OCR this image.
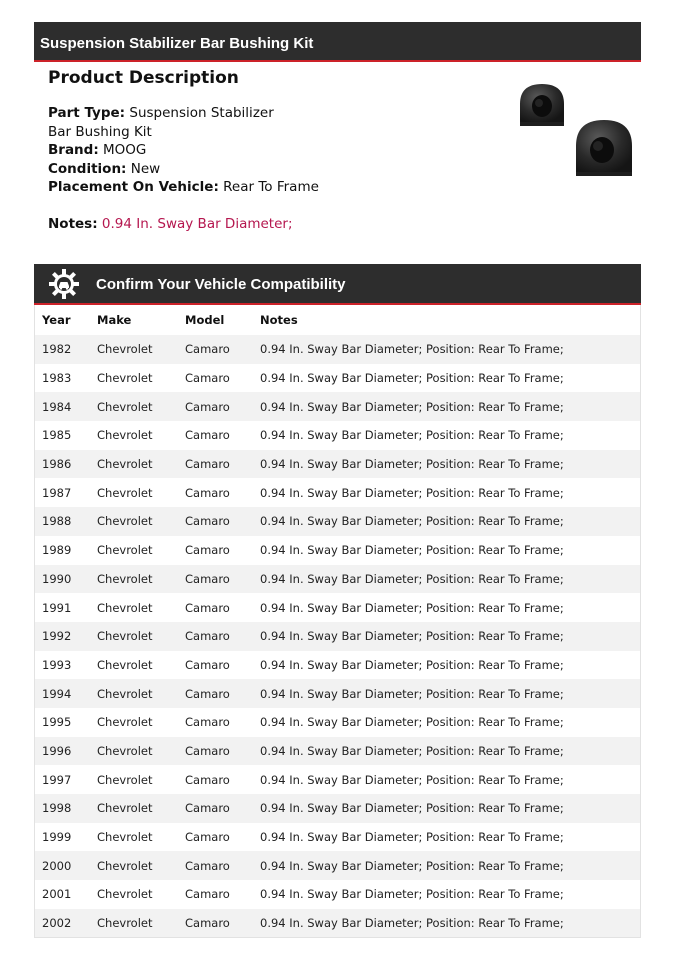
Suspension Stabilizer Bar Bushing Kit
Product Description
Part Type: Suspension Stabilizer Bar Bushing Kit
Brand: MOOG
Condition: New
Placement On Vehicle: Rear To Frame
Notes: 0.94 In. Sway Bar Diameter;
Confirm Your Vehicle Compatibility
Year	Make	Model	Notes
1982	Chevrolet	Camaro	0.94 In. Sway Bar Diameter; Position: Rear To Frame;
1983	Chevrolet	Camaro	0.94 In. Sway Bar Diameter; Position: Rear To Frame;
1984	Chevrolet	Camaro	0.94 In. Sway Bar Diameter; Position: Rear To Frame;
1985	Chevrolet	Camaro	0.94 In. Sway Bar Diameter; Position: Rear To Frame;
1986	Chevrolet	Camaro	0.94 In. Sway Bar Diameter; Position: Rear To Frame;
1987	Chevrolet	Camaro	0.94 In. Sway Bar Diameter; Position: Rear To Frame;
1988	Chevrolet	Camaro	0.94 In. Sway Bar Diameter; Position: Rear To Frame;
1989	Chevrolet	Camaro	0.94 In. Sway Bar Diameter; Position: Rear To Frame;
1990	Chevrolet	Camaro	0.94 In. Sway Bar Diameter; Position: Rear To Frame;
1991	Chevrolet	Camaro	0.94 In. Sway Bar Diameter; Position: Rear To Frame;
1992	Chevrolet	Camaro	0.94 In. Sway Bar Diameter; Position: Rear To Frame;
1993	Chevrolet	Camaro	0.94 In. Sway Bar Diameter; Position: Rear To Frame;
1994	Chevrolet	Camaro	0.94 In. Sway Bar Diameter; Position: Rear To Frame;
1995	Chevrolet	Camaro	0.94 In. Sway Bar Diameter; Position: Rear To Frame;
1996	Chevrolet	Camaro	0.94 In. Sway Bar Diameter; Position: Rear To Frame;
1997	Chevrolet	Camaro	0.94 In. Sway Bar Diameter; Position: Rear To Frame;
1998	Chevrolet	Camaro	0.94 In. Sway Bar Diameter; Position: Rear To Frame;
1999	Chevrolet	Camaro	0.94 In. Sway Bar Diameter; Position: Rear To Frame;
2000	Chevrolet	Camaro	0.94 In. Sway Bar Diameter; Position: Rear To Frame;
2001	Chevrolet	Camaro	0.94 In. Sway Bar Diameter; Position: Rear To Frame;
2002	Chevrolet	Camaro	0.94 In. Sway Bar Diameter; Position: Rear To Frame;
